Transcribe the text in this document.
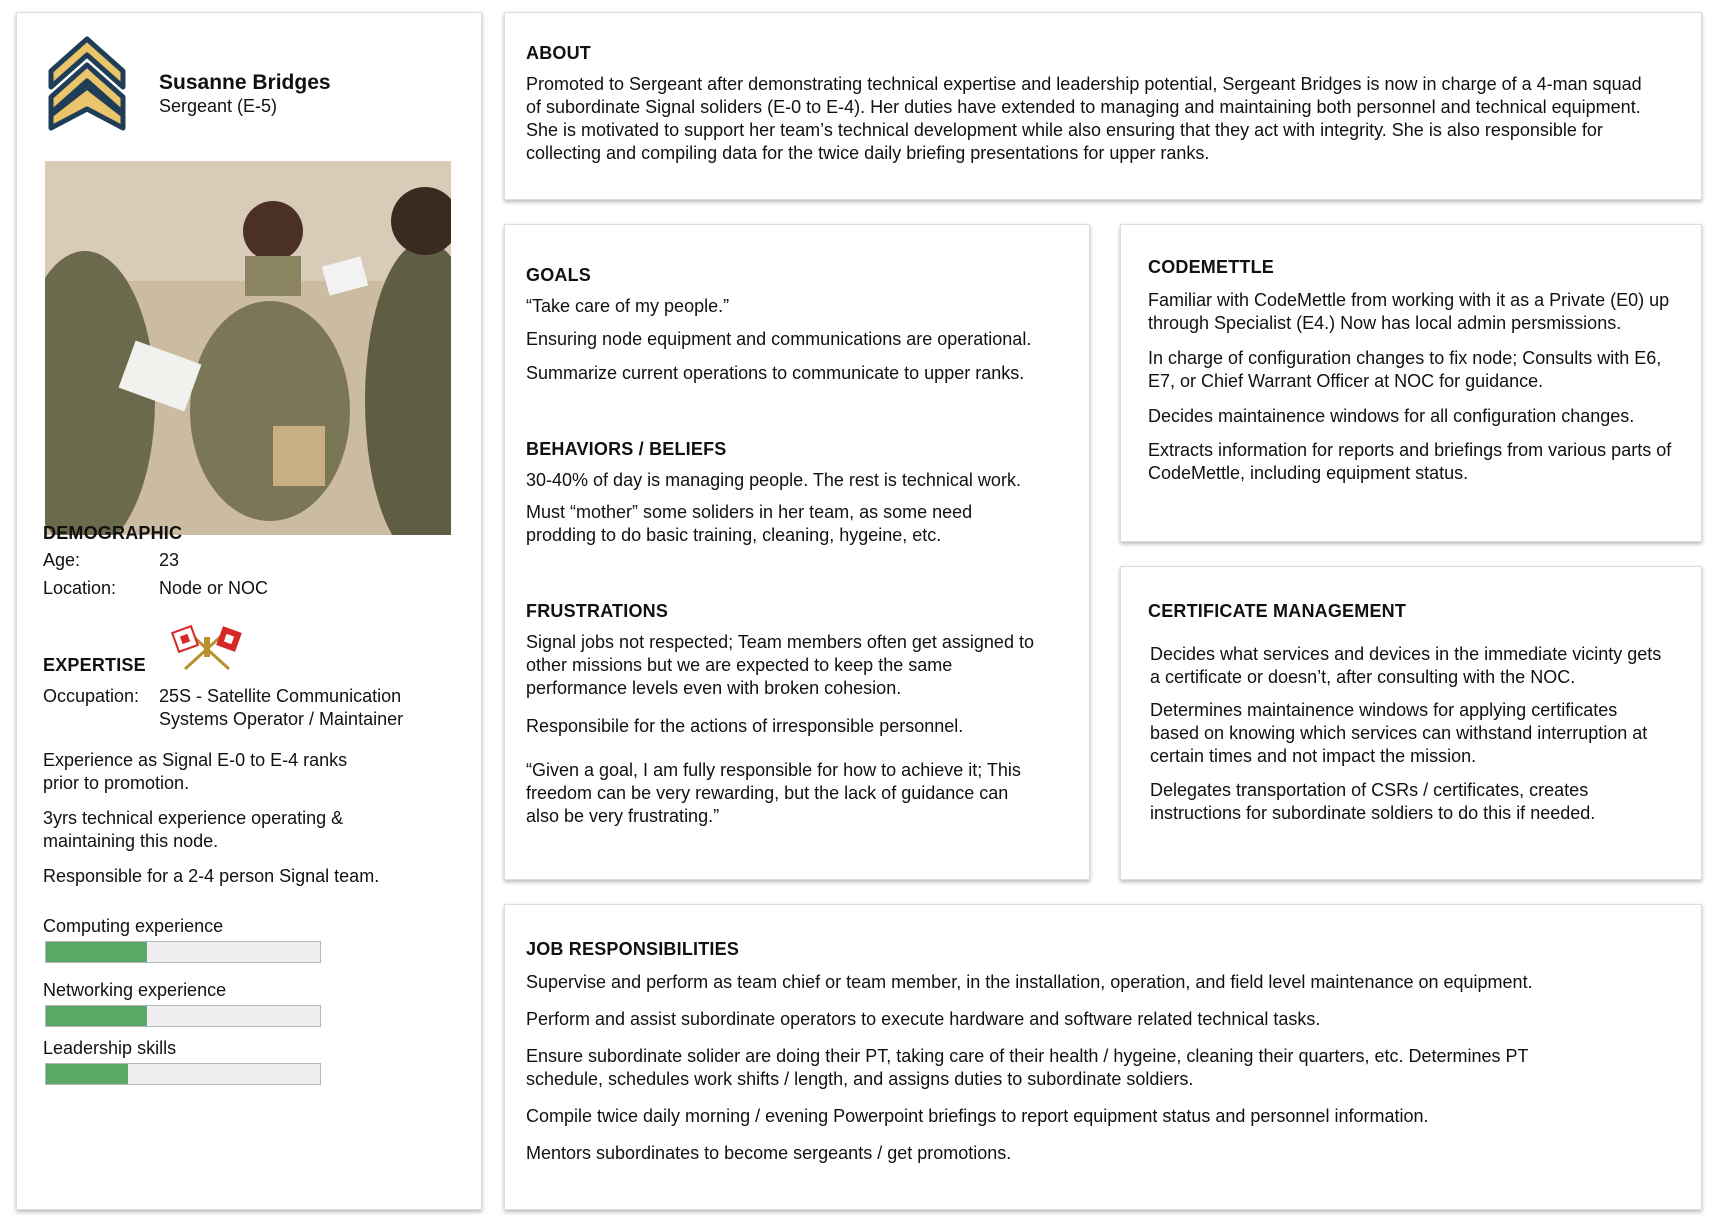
Susanne Bridges
Sergeant (E-5)
DEMOGRAPHIC
Age:	23
Location: Node or NOC
EXPERTISE
Occupation: 25S - Satellite Communication
Systems Operator / Maintainer
Experience as Signal E-0 to E-4 ranks prior to promotion.
3yrs technical experience operating & maintaining this node.
Responsible for a 2-4 person Signal team.
Computing experience
Networking experience
Leadership skills
ABOUT
Promoted to Sergeant after demonstrating technical expertise and leadership potential, Sergeant Bridges is now in charge of a 4-man squad of subordinate Signal soliders (E-0 to E-4). Her duties have extended to managing and maintaining both personnel and technical equipment. She is motivated to support her team’s technical development while also ensuring that they act with integrity. She is also responsible for collecting and compiling data for the twice daily briefing presentations for upper ranks.
GOALS
“Take care of my people.”
Ensuring node equipment and communications are operational.
Summarize current operations to communicate to upper ranks.
BEHAVIORS / BELIEFS
30-40% of day is managing people. The rest is technical work.
Must “mother” some soliders in her team, as some need prodding to do basic training, cleaning, hygeine, etc.
FRUSTRATIONS
Signal jobs not respected; Team members often get assigned to other missions but we are expected to keep the same performance levels even with broken cohesion.
Responsibile for the actions of irresponsible personnel.
“Given a goal, I am fully responsible for how to achieve it; This freedom can be very rewarding, but the lack of guidance can also be very frustrating.”
CODEMETTLE
Familiar with CodeMettle from working with it as a Private (E0) up through Specialist (E4.) Now has local admin persmissions.
In charge of configuration changes to fix node; Consults with E6, E7, or Chief Warrant Officer at NOC for guidance.
Decides maintainence windows for all configuration changes.
Extracts information for reports and briefings from various parts of CodeMettle, including equipment status.
CERTIFICATE MANAGEMENT
Decides what services and devices in the immediate vicinty gets a certificate or doesn’t, after consulting with the NOC.
Determines maintainence windows for applying certificates based on knowing which services can withstand interruption at certain times and not impact the mission.
Delegates transportation of CSRs / certificates, creates instructions for subordinate soldiers to do this if needed.
JOB RESPONSIBILITIES
Supervise and perform as team chief or team member, in the installation, operation, and field level maintenance on equipment.
Perform and assist subordinate operators to execute hardware and software related technical tasks.
Ensure subordinate solider are doing their PT, taking care of their health / hygeine, cleaning their quarters, etc. Determines PT schedule, schedules work shifts / length, and assigns duties to subordinate soldiers.
Compile twice daily morning / evening Powerpoint briefings to report equipment status and personnel information.
Mentors subordinates to become sergeants / get promotions.
